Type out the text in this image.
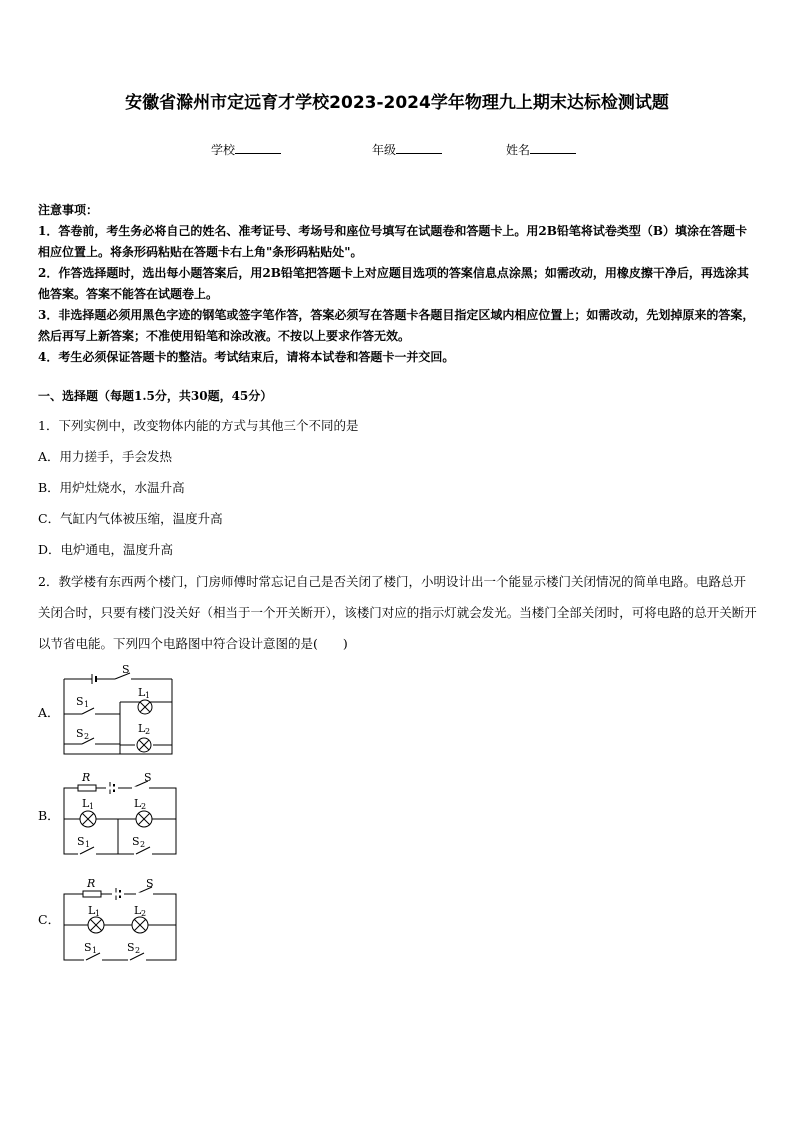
安徽省滁州市定远育才学校2023-2024学年物理九上期末达标检测试题
学校	年级	姓名
注意事项：
1．答卷前，考生务必将自己的姓名、准考证号、考场号和座位号填写在试题卷和答题卡上。用2B铅笔将试卷类型（B）填涂在答题卡相应位置上。将条形码粘贴在答题卡右上角"条形码粘贴处"。
2．作答选择题时，选出每小题答案后，用2B铅笔把答题卡上对应题目选项的答案信息点涂黑；如需改动，用橡皮擦干净后，再选涂其他答案。答案不能答在试题卷上。
3．非选择题必须用黑色字迹的钢笔或签字笔作答，答案必须写在答题卡各题目指定区域内相应位置上；如需改动，先划掉原来的答案，然后再写上新答案；不准使用铅笔和涂改液。不按以上要求作答无效。
4．考生必须保证答题卡的整洁。考试结束后，请将本试卷和答题卡一并交回。
一、选择题（每题1.5分，共30题，45分）
1．下列实例中，改变物体内能的方式与其他三个不同的是
A．用力搓手，手会发热
B．用炉灶烧水，水温升高
C．气缸内气体被压缩，温度升高
D．电炉通电，温度升高
2．教学楼有东西两个楼门，门房师傅时常忘记自己是否关闭了楼门，小明设计出一个能显示楼门关闭情况的简单电路。电路总开关闭合时，只要有楼门没关好（相当于一个开关断开），该楼门对应的指示灯就会发光。当楼门全部关闭时，可将电路的总开关断开以节省电能。下列四个电路图中符合设计意图的是(　　)
A．
B．
C．
S
S 1
S 2
L 1
L 2
R	S
L 1	L 2
S 1	S 2
R	S
L 1	L 2
S 1	S 2
